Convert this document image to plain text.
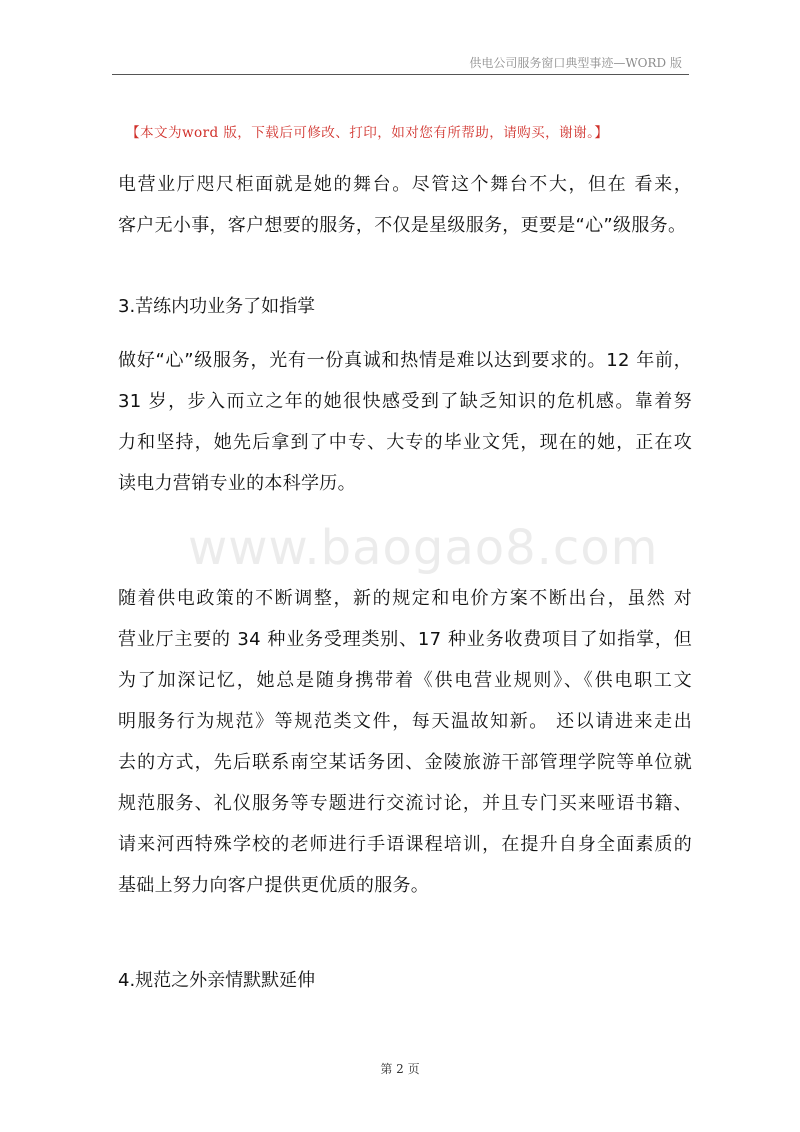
供电公司服务窗口典型事迹—WORD 版
【本文为word 版，下载后可修改、打印，如对您有所帮助，请购买，谢谢。】
电营业厅咫尺柜面就是她的舞台。尽管这个舞台不大，但在 看来，
客户无小事，客户想要的服务，不仅是星级服务，更要是“心”级服务。
3.苦练内功业务了如指掌
做好“心”级服务，光有一份真诚和热情是难以达到要求的。12 年前，
31 岁，步入而立之年的她很快感受到了缺乏知识的危机感。靠着努
力和坚持，她先后拿到了中专、大专的毕业文凭，现在的她，正在攻
读电力营销专业的本科学历。
www.baogao8.com
随着供电政策的不断调整，新的规定和电价方案不断出台，虽然 对
营业厅主要的 34 种业务受理类别、17 种业务收费项目了如指掌，但
为了加深记忆，她总是随身携带着《供电营业规则》、《供电职工文
明服务行为规范》等规范类文件，每天温故知新。 还以请进来走出
去的方式，先后联系南空某话务团、金陵旅游干部管理学院等单位就
规范服务、礼仪服务等专题进行交流讨论，并且专门买来哑语书籍、
请来河西特殊学校的老师进行手语课程培训，在提升自身全面素质的
基础上努力向客户提供更优质的服务。
4.规范之外亲情默默延伸
第 2 页
